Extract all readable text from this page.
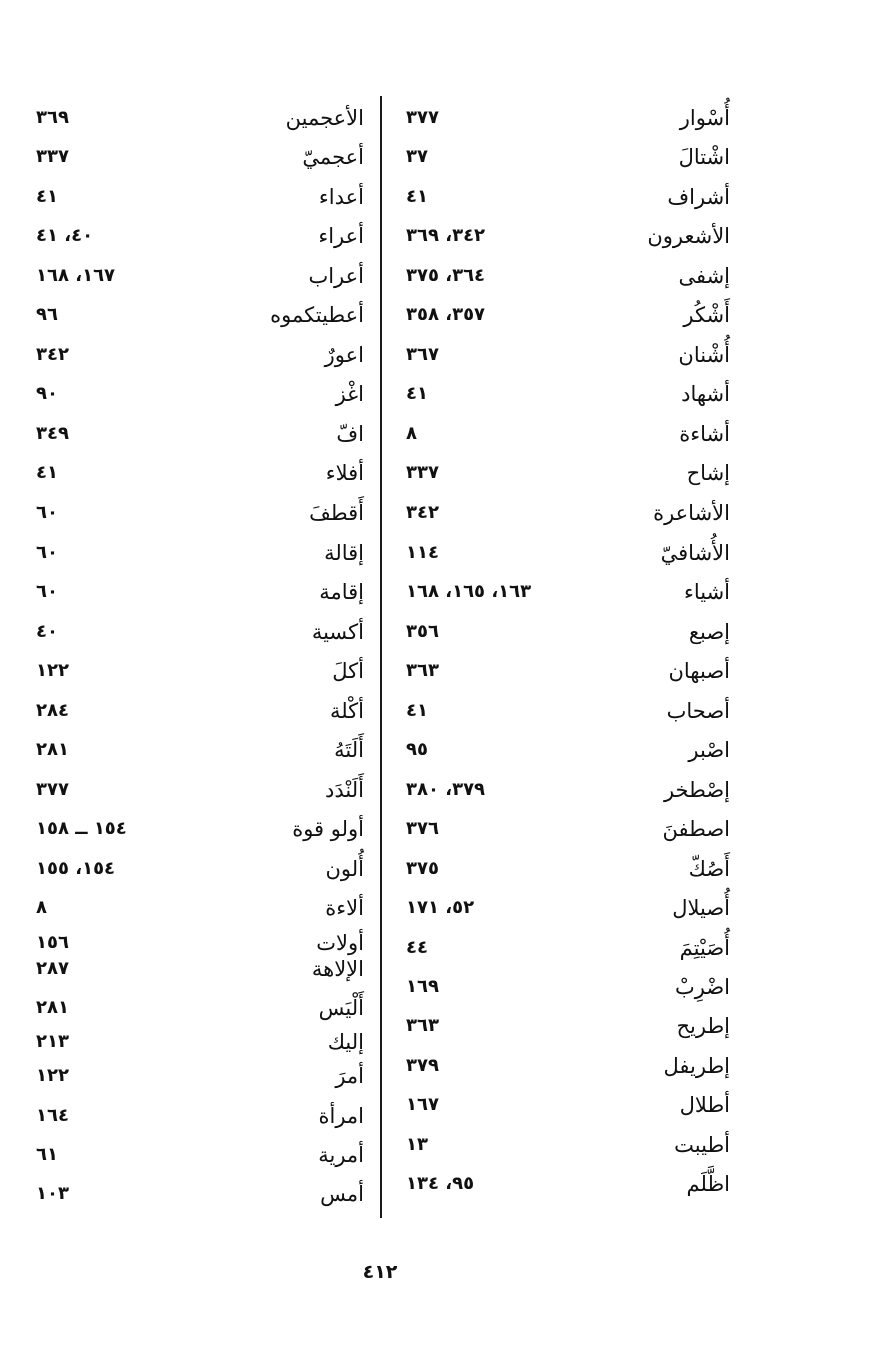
أُسْوار
٣٧٧
اشْتالَ
٣٧
أشراف
٤١
الأشعرون
٣٤٢، ٣٦٩
إشفى
٣٦٤، ٣٧٥
أَشْكُر
٣٥٧، ٣٥٨
أُشْنان
٣٦٧
أشهاد
٤١
أشاءة
٨
إشاح
٣٣٧
الأشاعرة
٣٤٢
الأُشافيّ
١١٤
أشياء
١٦٣، ١٦٥، ١٦٨
إصبع
٣٥٦
أصبهان
٣٦٣
أصحاب
٤١
اصْبر
٩٥
إصْطخر
٣٧٩، ٣٨٠
اصطفنَ
٣٧٦
أَصُكّ
٣٧٥
أُصيلال
٥٢، ١٧١
أُصَيْتِمَ
٤٤
اضْرِبْ
١٦٩
إطريح
٣٦٣
إطريفل
٣٧٩
أطلال
١٦٧
أطيبت
١٣
اظَّلَم
٩٥، ١٣٤
الأعجمين
٣٦٩
أعجميّ
٣٣٧
أعداء
٤١
أعراء
٤٠، ٤١
أعراب
١٦٧، ١٦٨
أعطيتكموه
٩٦
اعورٌ
٣٤٢
اغْز
٩٠
افّ
٣٤٩
أفلاء
٤١
أَقطفَ
٦٠
إقالة
٦٠
إقامة
٦٠
أكسية
٤٠
أكلَ
١٢٢
أكْلة
٢٨٤
أَلَتَهُ
٢٨١
أَلَنْدَد
٣٧٧
أولو قوة
١٥٤ ــ ١٥٨
أُلون
١٥٤، ١٥٥
ألاءة
٨
أولات
١٥٦
الإلاهة
٢٨٧
أَلْيَس
٢٨١
إليك
٢١٣
أمرَ
١٢٢
امرأة
١٦٤
أمرية
٦١
أمس
١٠٣
٤١٢
